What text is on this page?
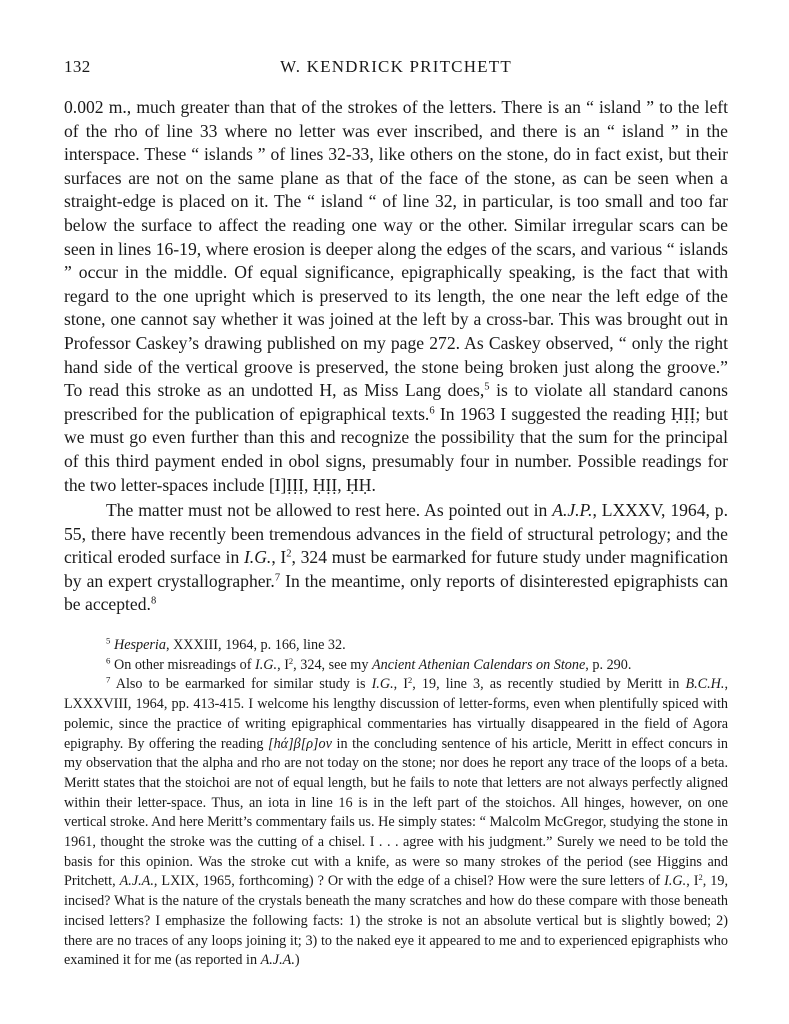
132	W. KENDRICK PRITCHETT

0.002 m., much greater than that of the strokes of the letters. There is an “ island ” to the left of the rho of line 33 where no letter was ever inscribed, and there is an “ island ” in the interspace. These “ islands ” of lines 32-33, like others on the stone, do in fact exist, but their surfaces are not on the same plane as that of the face of the stone, as can be seen when a straight-edge is placed on it. The “ island “ of line 32, in particular, is too small and too far below the surface to affect the reading one way or the other. Similar irregular scars can be seen in lines 16-19, where erosion is deeper along the edges of the scars, and various “ islands ” occur in the middle. Of equal significance, epigraphically speaking, is the fact that with regard to the one upright which is preserved to its length, the one near the left edge of the stone, one cannot say whether it was joined at the left by a cross-bar. This was brought out in Professor Caskey’s drawing published on my page 272. As Caskey observed, “ only the right hand side of the vertical groove is preserved, the stone being broken just along the groove.” To read this stroke as an undotted H, as Miss Lang does,$^5$ is to violate all standard canons prescribed for the publication of epigraphical texts.$^6$ In 1963 I suggested the reading ḤỊỊ; but we must go even further than this and recognize the possibility that the sum for the principal of this third payment ended in obol signs, presumably four in number. Possible readings for the two letter-spaces include [I]ỊỊỊ, ḤỊỊ, ḤḤ.

The matter must not be allowed to rest here. As pointed out in A.J.P., LXXXV, 1964, p. 55, there have recently been tremendous advances in the field of structural petrology; and the critical eroded surface in I.G., $I^2$, 324 must be earmarked for future study under magnification by an expert crystallographer.$^7$ In the meantime, only reports of disinterested epigraphists can be accepted.$^8$

$^5$ Hesperia, XXXIII, 1964, p. 166, line 32.

$^6$ On other misreadings of I.G., $I^2$, 324, see my Ancient Athenian Calendars on Stone, p. 290.

$^7$ Also to be earmarked for similar study is I.G., $I^2$, 19, line 3, as recently studied by Meritt in B.C.H., LXXXVIII, 1964, pp. 413-415. I welcome his lengthy discussion of letter-forms, even when plentifully spiced with polemic, since the practice of writing epigraphical commentaries has virtually disappeared in the field of Agora epigraphy. By offering the reading [hά]β[ρ]ον in the concluding sentence of his article, Meritt in effect concurs in my observation that the alpha and rho are not today on the stone; nor does he report any trace of the loops of a beta. Meritt states that the stoichoi are not of equal length, but he fails to note that letters are not always perfectly aligned within their letter-space. Thus, an iota in line 16 is in the left part of the stoichos. All hinges, however, on one vertical stroke. And here Meritt’s commentary fails us. He simply states: “ Malcolm McGregor, studying the stone in 1961, thought the stroke was the cutting of a chisel. I . . . agree with his judgment.” Surely we need to be told the basis for this opinion. Was the stroke cut with a knife, as were so many strokes of the period (see Higgins and Pritchett, A.J.A., LXIX, 1965, forthcoming) ? Or with the edge of a chisel? How were the sure letters of I.G., $I^2$, 19, incised? What is the nature of the crystals beneath the many scratches and how do these compare with those beneath incised letters? I emphasize the following facts: 1) the stroke is not an absolute vertical but is slightly bowed; 2) there are no traces of any loops joining it; 3) to the naked eye it appeared to me and to experienced epigraphists who examined it for me (as reported in A.J.A.)
